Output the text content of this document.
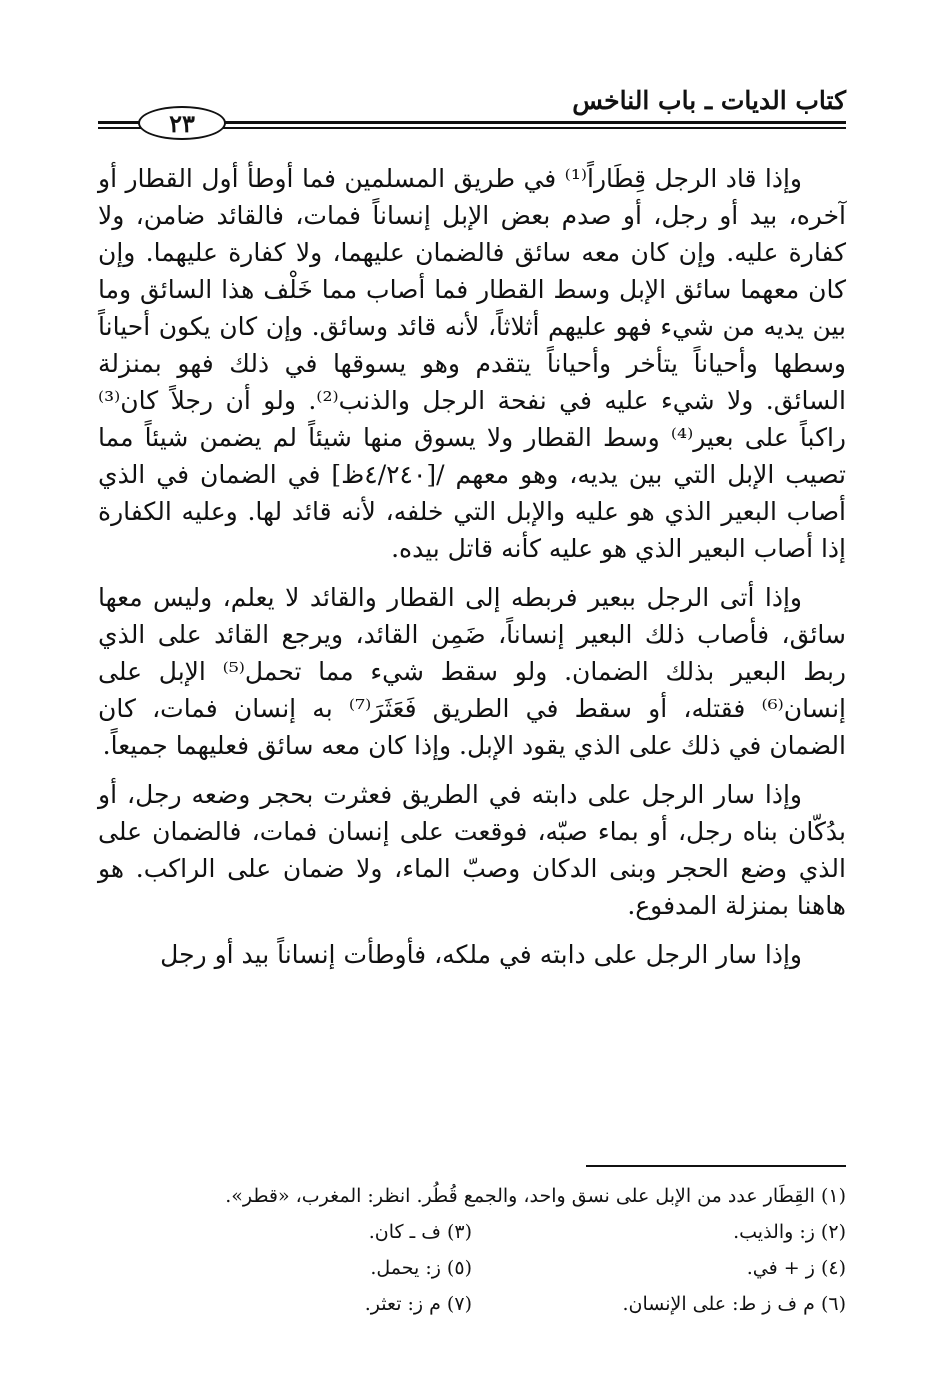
كتاب الديات ـ باب الناخس
٢٣

وإذا قاد الرجل قِطَاراً⁽¹⁾ في طريق المسلمين فما أوطأ أول القطار أو آخره، بيد أو رجل، أو صدم بعض الإبل إنساناً فمات، فالقائد ضامن، ولا كفارة عليه. وإن كان معه سائق فالضمان عليهما، ولا كفارة عليهما. وإن كان معهما سائق الإبل وسط القطار فما أصاب مما خَلْف هذا السائق وما بين يديه من شيء فهو عليهم أثلاثاً، لأنه قائد وسائق. وإن كان يكون أحياناً وسطها وأحياناً يتأخر وأحياناً يتقدم وهو يسوقها في ذلك فهو بمنزلة السائق. ولا شيء عليه في نفحة الرجل والذنب⁽²⁾. ولو أن رجلاً كان⁽³⁾ راكباً على بعير⁽⁴⁾ وسط القطار ولا يسوق منها شيئاً لم يضمن شيئاً مما تصيب الإبل التي بين يديه، وهو معهم /[٤/٢٤٠ظ] في الضمان في الذي أصاب البعير الذي هو عليه والإبل التي خلفه، لأنه قائد لها. وعليه الكفارة إذا أصاب البعير الذي هو عليه كأنه قاتل بيده.

وإذا أتى الرجل ببعير فربطه إلى القطار والقائد لا يعلم، وليس معها سائق، فأصاب ذلك البعير إنساناً، ضَمِن القائد، ويرجع القائد على الذي ربط البعير بذلك الضمان. ولو سقط شيء مما تحمل⁽⁵⁾ الإبل على إنسان⁽⁶⁾ فقتله، أو سقط في الطريق فَعَثَرَ⁽⁷⁾ به إنسان فمات، كان الضمان في ذلك على الذي يقود الإبل. وإذا كان معه سائق فعليهما جميعاً.

وإذا سار الرجل على دابته في الطريق فعثرت بحجر وضعه رجل، أو بدُكّان بناه رجل، أو بماء صبّه، فوقعت على إنسان فمات، فالضمان على الذي وضع الحجر وبنى الدكان وصبّ الماء، ولا ضمان على الراكب. هو هاهنا بمنزلة المدفوع.

وإذا سار الرجل على دابته في ملكه، فأوطأت إنساناً بيد أو رجل

(١) القِطَار عدد من الإبل على نسق واحد، والجمع قُطُر. انظر: المغرب، «قطر».
(٢) ز: والذيب.
(٣) ف ـ كان.
(٤) ز + في.
(٥) ز: يحمل.
(٦) م ف ز ط: على الإنسان.
(٧) م ز: تعثر.
